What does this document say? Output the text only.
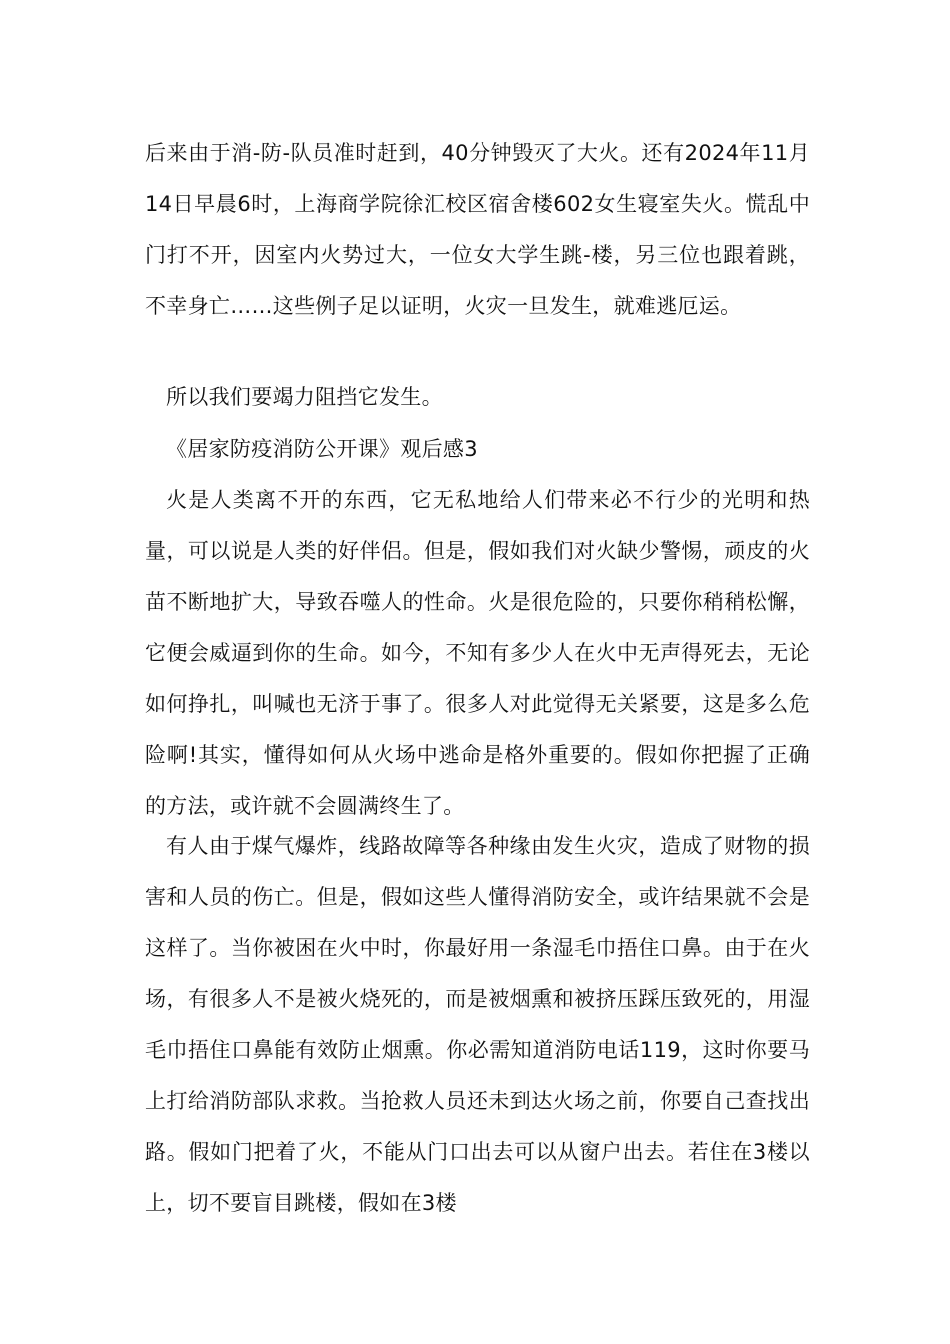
后来由于消-防-队员准时赶到，40分钟毁灭了大火。还有2024年11月14日早晨6时，上海商学院徐汇校区宿舍楼602女生寝室失火。慌乱中门打不开，因室内火势过大，一位女大学生跳-楼，另三位也跟着跳，不幸身亡……这些例子足以证明，火灾一旦发生，就难逃厄运。

所以我们要竭力阻挡它发生。

《居家防疫消防公开课》观后感3

火是人类离不开的东西，它无私地给人们带来必不行少的光明和热量，可以说是人类的好伴侣。但是，假如我们对火缺少警惕，顽皮的火苗不断地扩大，导致吞噬人的性命。火是很危险的，只要你稍稍松懈，它便会威逼到你的生命。如今，不知有多少人在火中无声得死去，无论如何挣扎，叫喊也无济于事了。很多人对此觉得无关紧要，这是多么危险啊!其实，懂得如何从火场中逃命是格外重要的。假如你把握了正确的方法，或许就不会圆满终生了。

有人由于煤气爆炸，线路故障等各种缘由发生火灾，造成了财物的损害和人员的伤亡。但是，假如这些人懂得消防安全，或许结果就不会是这样了。当你被困在火中时，你最好用一条湿毛巾捂住口鼻。由于在火场，有很多人不是被火烧死的，而是被烟熏和被挤压踩压致死的，用湿毛巾捂住口鼻能有效防止烟熏。你必需知道消防电话119，这时你要马上打给消防部队求救。当抢救人员还未到达火场之前，你要自己查找出路。假如门把着了火，不能从门口出去可以从窗户出去。若住在3楼以上，切不要盲目跳楼，假如在3楼
